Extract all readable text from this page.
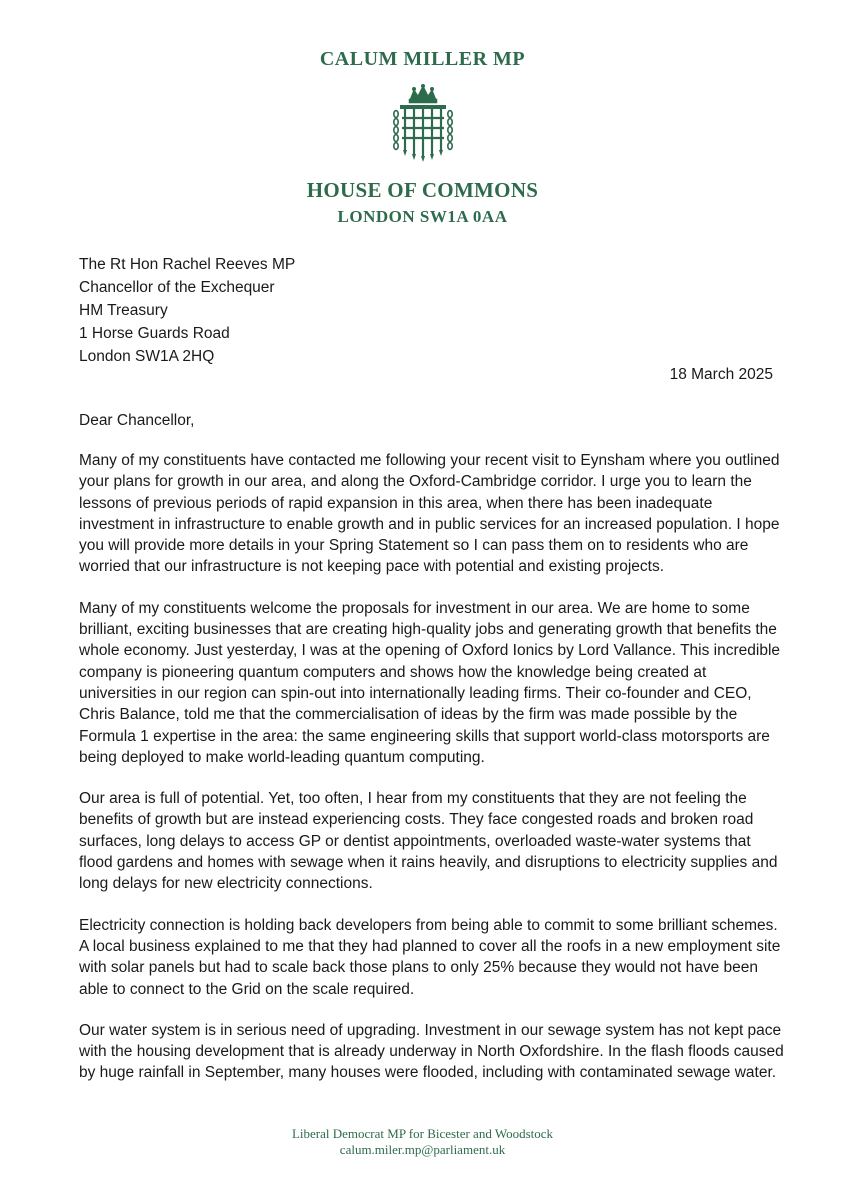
CALUM MILLER MP
HOUSE OF COMMONS
LONDON SW1A 0AA
The Rt Hon Rachel Reeves MP
Chancellor of the Exchequer
HM Treasury
1 Horse Guards Road
London SW1A 2HQ
18 March 2025
Dear Chancellor,

Many of my constituents have contacted me following your recent visit to Eynsham where you outlined
your plans for growth in our area, and along the Oxford-Cambridge corridor. I urge you to learn the
lessons of previous periods of rapid expansion in this area, when there has been inadequate
investment in infrastructure to enable growth and in public services for an increased population. I hope
you will provide more details in your Spring Statement so I can pass them on to residents who are
worried that our infrastructure is not keeping pace with potential and existing projects.

Many of my constituents welcome the proposals for investment in our area. We are home to some
brilliant, exciting businesses that are creating high-quality jobs and generating growth that benefits the
whole economy. Just yesterday, I was at the opening of Oxford Ionics by Lord Vallance. This incredible
company is pioneering quantum computers and shows how the knowledge being created at
universities in our region can spin-out into internationally leading firms. Their co-founder and CEO,
Chris Balance, told me that the commercialisation of ideas by the firm was made possible by the
Formula 1 expertise in the area: the same engineering skills that support world-class motorsports are
being deployed to make world-leading quantum computing.

Our area is full of potential. Yet, too often, I hear from my constituents that they are not feeling the
benefits of growth but are instead experiencing costs. They face congested roads and broken road
surfaces, long delays to access GP or dentist appointments, overloaded waste-water systems that
flood gardens and homes with sewage when it rains heavily, and disruptions to electricity supplies and
long delays for new electricity connections.

Electricity connection is holding back developers from being able to commit to some brilliant schemes.
A local business explained to me that they had planned to cover all the roofs in a new employment site
with solar panels but had to scale back those plans to only 25% because they would not have been
able to connect to the Grid on the scale required.

Our water system is in serious need of upgrading. Investment in our sewage system has not kept pace
with the housing development that is already underway in North Oxfordshire. In the flash floods caused
by huge rainfall in September, many houses were flooded, including with contaminated sewage water.

Liberal Democrat MP for Bicester and Woodstock
calum.miler.mp@parliament.uk
